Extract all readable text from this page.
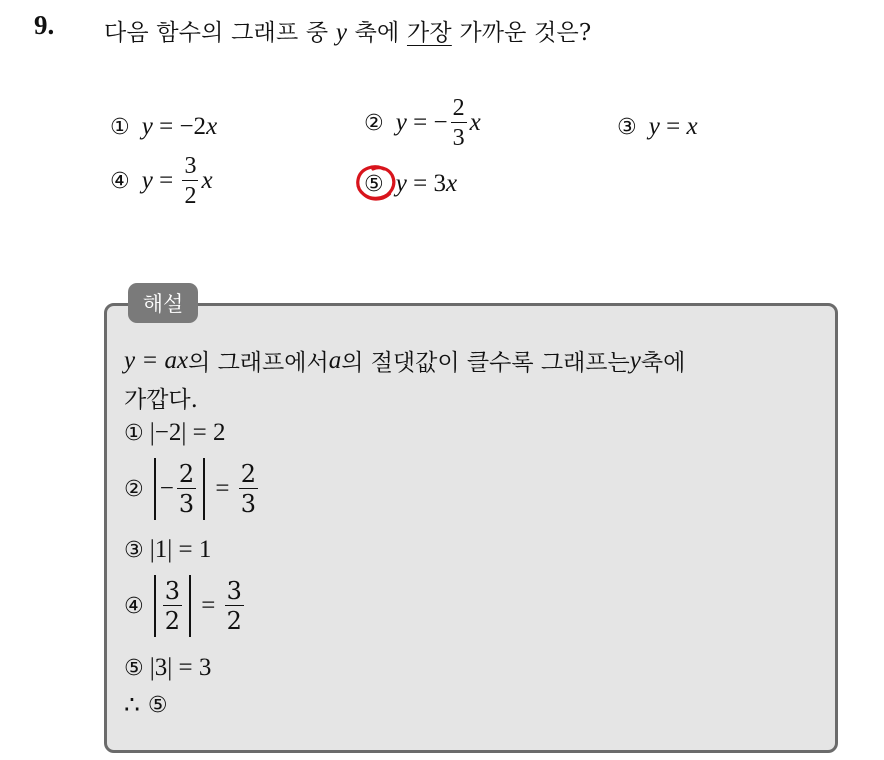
9. 다음 함수의 그래프 중 y 축에 가장 가까운 것은?
① y
=
−2 x	② y
=
− $\frac{2}{3}$ x	③ y
=
x
④ y
=
$\frac{3}{2}$ x	⑤ y
=
3 x
해설
y = ax 의 그래프에서 a 의 절댓값이 클수록 그래프는 y 축에
가깝다.
① | −2 | = 2
② − $\frac{2}{3} = \frac{2}{3}$
③ | 1 | = 1
④ $\frac{3}{2} = \frac{3}{2}$
⑤ | 3 | = 3
∴ ⑤
